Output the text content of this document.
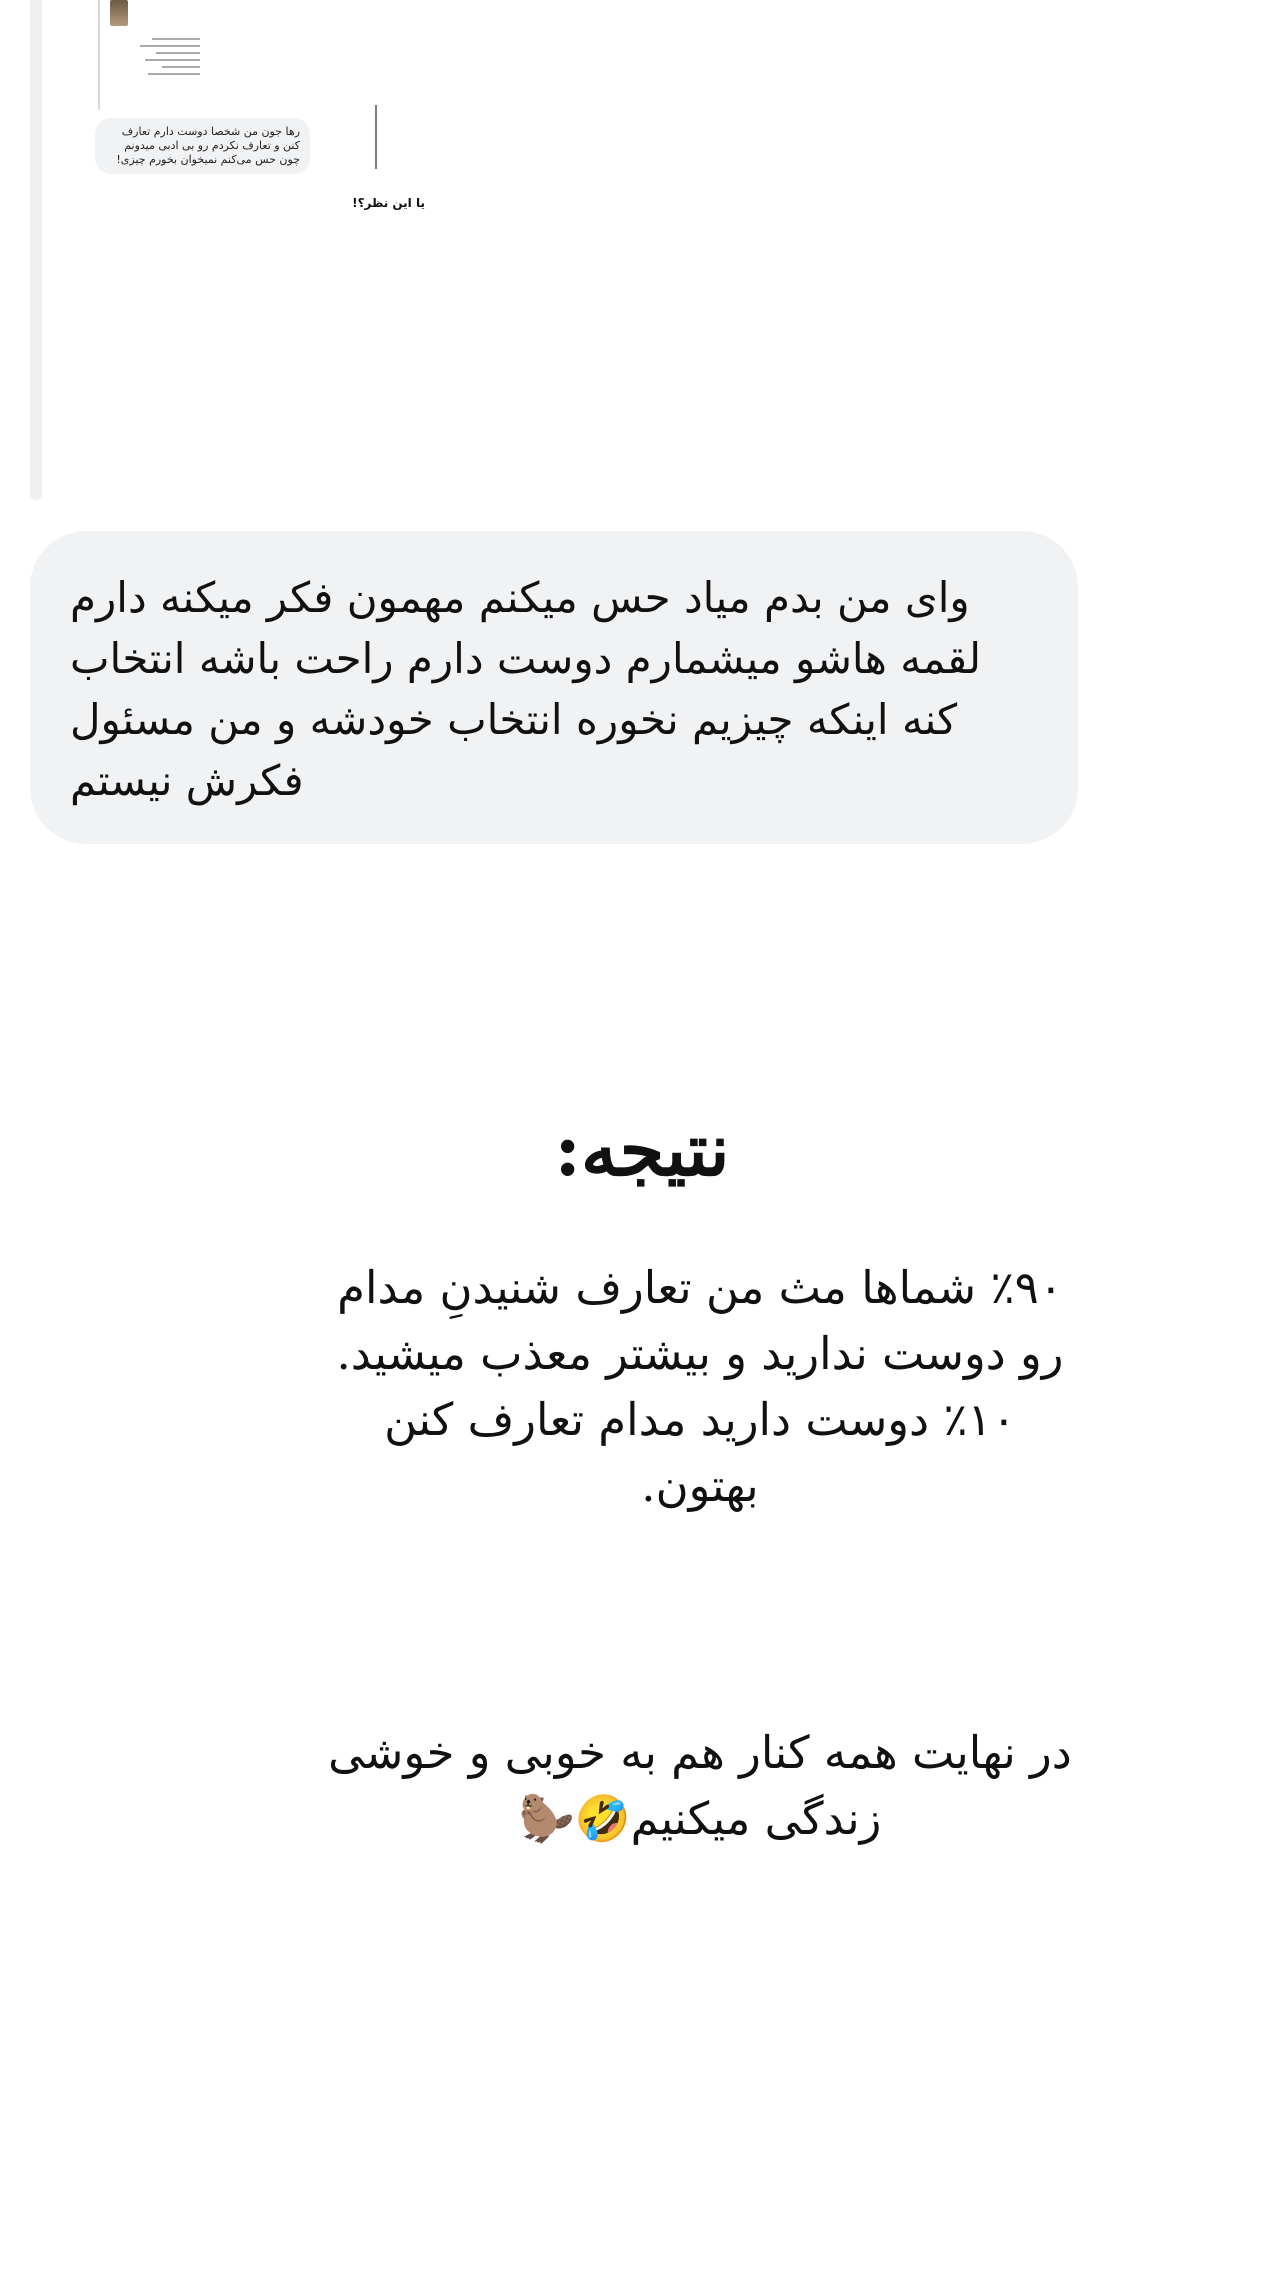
رها جون من شخصا دوست دارم تعارف کنن و تعارف نکردم رو بی ادبی میدونم چون حس می‌کنم نمیخوان بخورم چیزی!
یا این نظر؟!
وای من بدم میاد حس میکنم مهمون فکر میکنه دارم لقمه هاشو میشمارم دوست دارم راحت باشه انتخاب کنه اینکه چیزیم نخوره انتخاب خودشه و من مسئول فکرش نیستم
نتیجه:

٩٠٪ شماها مث من تعارف شنیدنِ مدام رو دوست ندارید و بیشتر معذب میشید.

١٠٪ دوست دارید مدام تعارف کنن بهتون.

در نهایت همه کنار هم به خوبی و خوشی زندگی میکنیم🤣🦫
